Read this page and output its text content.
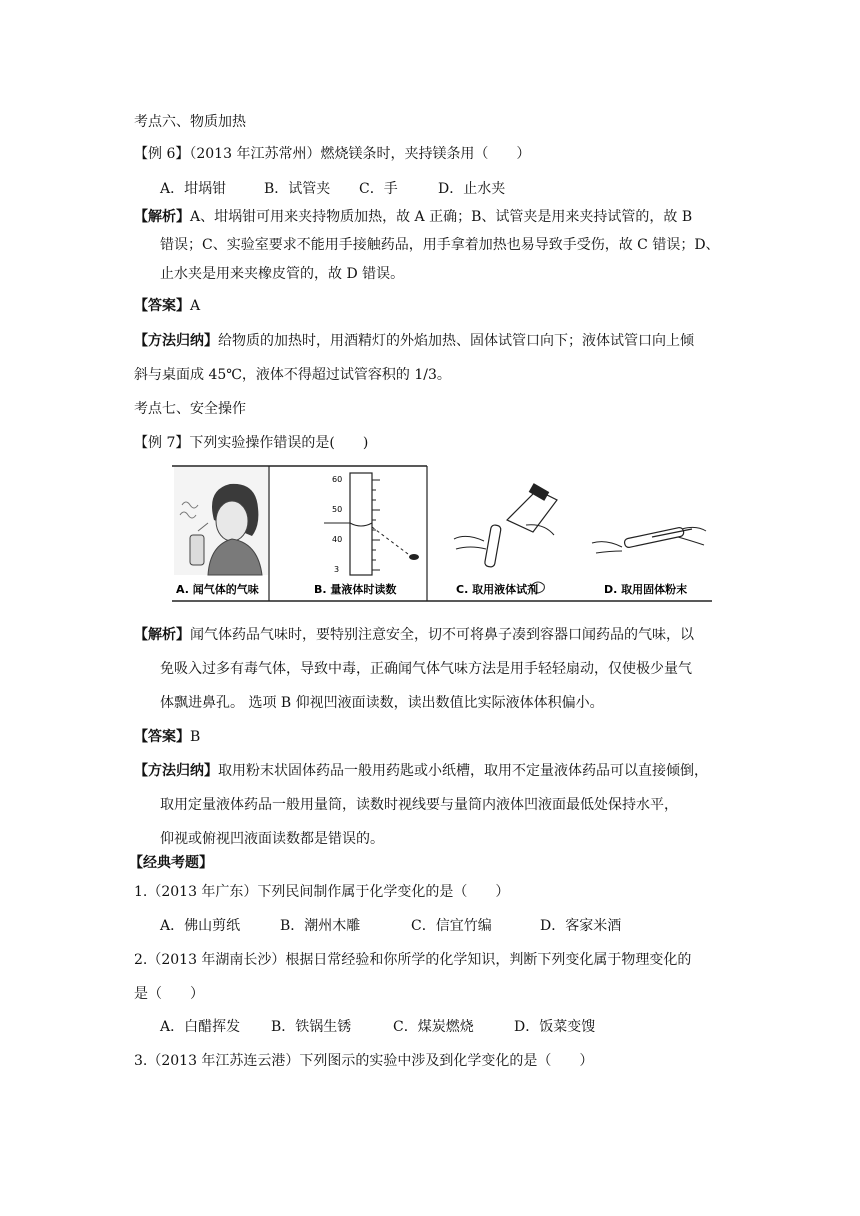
考点六、物质加热
【例 6】（2013 年江苏常州）燃烧镁条时，夹持镁条用（　　）
A．坩埚钳	B．试管夹 C．手	D．止水夹
【解析】A、坩埚钳可用来夹持物质加热，故 A 正确；B、试管夹是用来夹持试管的，故 B
错误；C、实验室要求不能用手接触药品，用手拿着加热也易导致手受伤，故 C 错误；D、
止水夹是用来夹橡皮管的，故 D 错误。
【答案】A
【方法归纳】给物质的加热时，用酒精灯的外焰加热、固体试管口向下；液体试管口向上倾
斜与桌面成 45℃，液体不得超过试管容积的 1/3。
考点七、安全操作
【例 7】下列实验操作错误的是(　　)
60
50
40
3
A. 闻气体的气味	B. 量液体时读数	C. 取用液体试剂	D. 取用固体粉末
【解析】闻气体药品气味时，要特别注意安全，切不可将鼻子凑到容器口闻药品的气味，以
免吸入过多有毒气体，导致中毒，正确闻气体气味方法是用手轻轻扇动，仅使极少量气
体飘进鼻孔。 选项 B 仰视凹液面读数，读出数值比实际液体体积偏小。
【答案】B
【方法归纳】取用粉末状固体药品一般用药匙或小纸槽，取用不定量液体药品可以直接倾倒，
取用定量液体药品一般用量筒，读数时视线要与量筒内液体凹液面最低处保持水平，
仰视或俯视凹液面读数都是错误的。
【经典考题】
1.（2013 年广东）下列民间制作属于化学变化的是（　　）
A．佛山剪纸	B．潮州木雕	C．信宜竹编	D．客家米酒
2.（2013 年湖南长沙）根据日常经验和你所学的化学知识，判断下列变化属于物理变化的
是（　　）
A．白醋挥发 B．铁锅生锈	C．煤炭燃烧	D．饭菜变馊
3.（2013 年江苏连云港）下列图示的实验中涉及到化学变化的是（　　）
